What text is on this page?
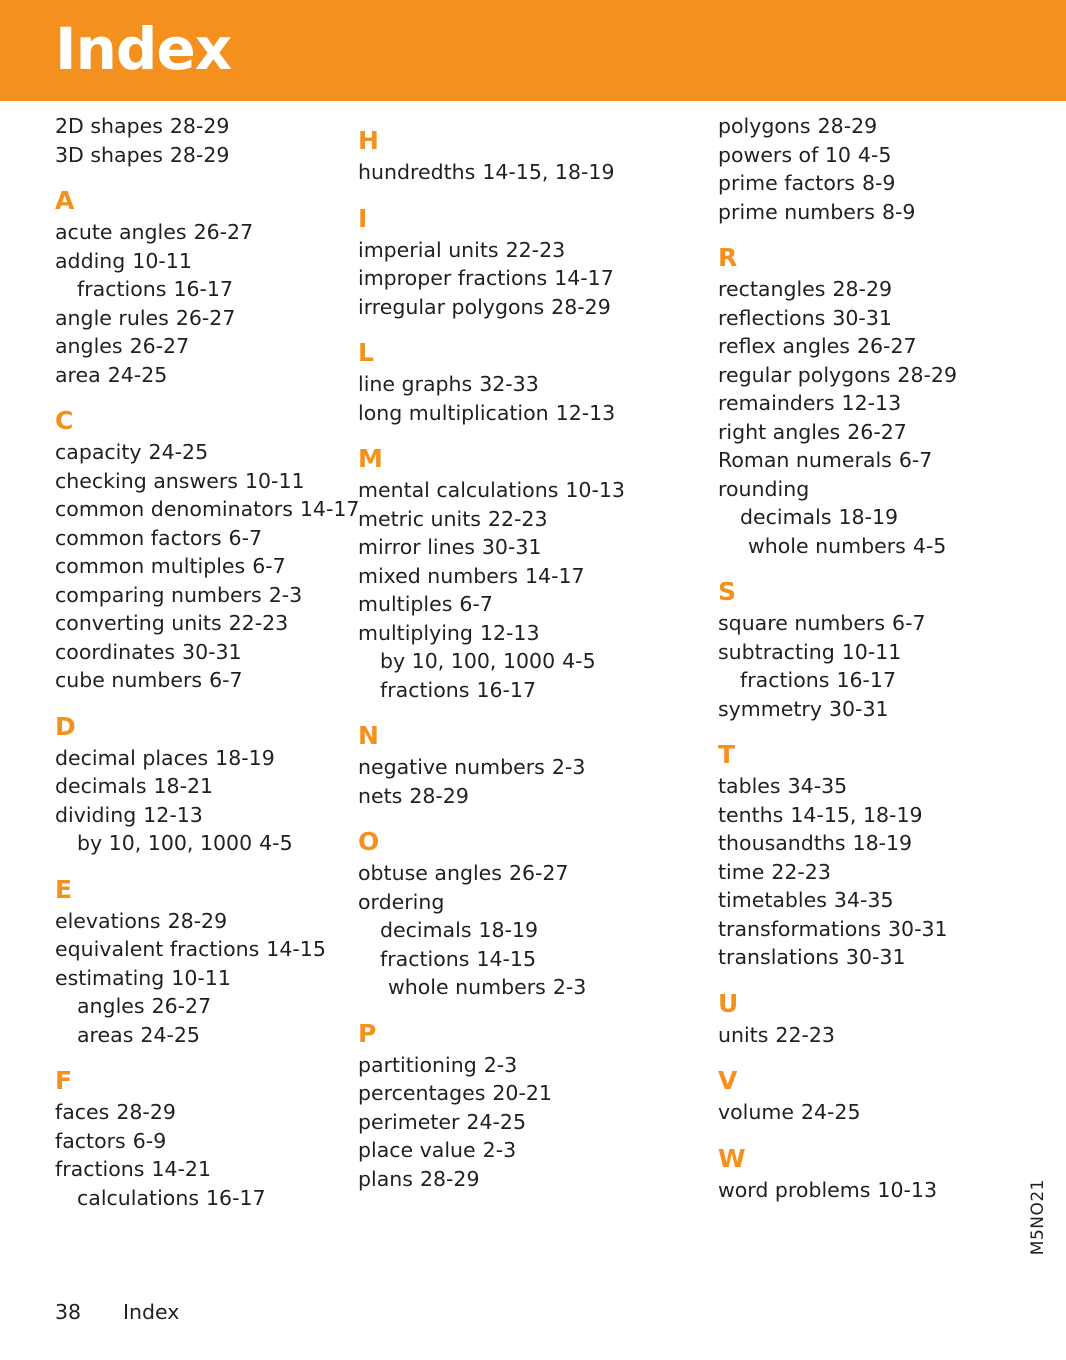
Index
2D shapes 28-29
3D shapes 28-29
A
acute angles 26-27
adding 10-11
fractions 16-17
angle rules 26-27
angles 26-27
area 24-25
C
capacity 24-25
checking answers 10-11
common denominators 14-17
common factors 6-7
common multiples 6-7
comparing numbers 2-3
converting units 22-23
coordinates 30-31
cube numbers 6-7
D
decimal places 18-19
decimals 18-21
dividing 12-13
by 10, 100, 1000 4-5
E
elevations 28-29
equivalent fractions 14-15
estimating 10-11
angles 26-27
areas 24-25
F
faces 28-29
factors 6-9
fractions 14-21
calculations 16-17
H
hundredths 14-15, 18-19
I
imperial units 22-23
improper fractions 14-17
irregular polygons 28-29
L
line graphs 32-33
long multiplication 12-13
M
mental calculations 10-13
metric units 22-23
mirror lines 30-31
mixed numbers 14-17
multiples 6-7
multiplying 12-13
by 10, 100, 1000 4-5
fractions 16-17
N
negative numbers 2-3
nets 28-29
O
obtuse angles 26-27
ordering
decimals 18-19
fractions 14-15
whole numbers 2-3
P
partitioning 2-3
percentages 20-21
perimeter 24-25
place value 2-3
plans 28-29
polygons 28-29
powers of 10 4-5
prime factors 8-9
prime numbers 8-9
R
rectangles 28-29
reflections 30-31
reflex angles 26-27
regular polygons 28-29
remainders 12-13
right angles 26-27
Roman numerals 6-7
rounding
decimals 18-19
whole numbers 4-5
S
square numbers 6-7
subtracting 10-11
fractions 16-17
symmetry 30-31
T
tables 34-35
tenths 14-15, 18-19
thousandths 18-19
time 22-23
timetables 34-35
transformations 30-31
translations 30-31
U
units 22-23
V
volume 24-25
W
word problems 10-13
38 Index
M5NO21
